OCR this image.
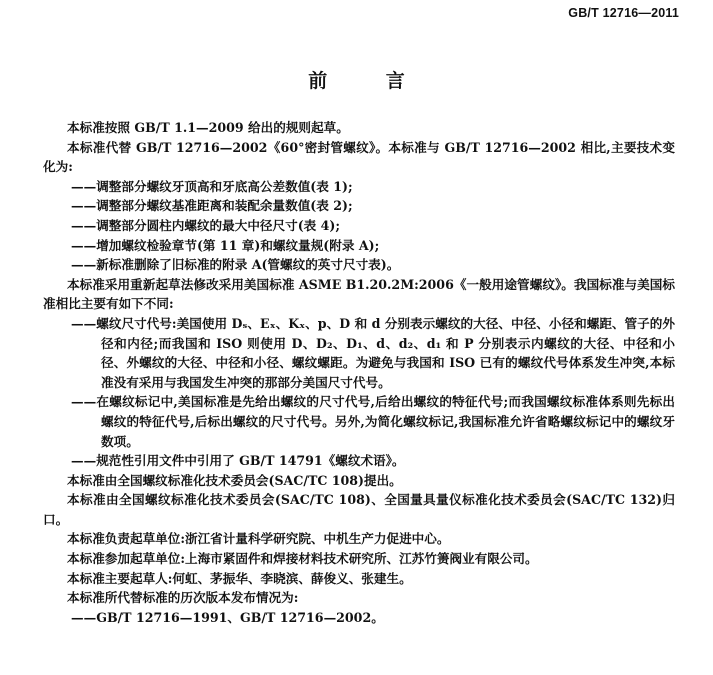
GB/T 12716—2011
前 言

本标准按照 GB/T 1.1—2009 给出的规则起草。

本标准代替 GB/T 12716—2002《60°密封管螺纹》。本标准与 GB/T 12716—2002 相比,主要技术变化为:

——调整部分螺纹牙顶高和牙底高公差数值(表 1);

——调整部分螺纹基准距离和装配余量数值(表 2);

——调整部分圆柱内螺纹的最大中径尺寸(表 4);

——增加螺纹检验章节(第 11 章)和螺纹量规(附录 A);

——新标准删除了旧标准的附录 A(管螺纹的英寸尺寸表)。

本标准采用重新起草法修改采用美国标准 ASME B1.20.2M:2006《一般用途管螺纹》。我国标准与美国标准相比主要有如下不同:

——螺纹尺寸代号:美国使用 Dₛ、Eₓ、Kₓ、p、D 和 d 分别表示螺纹的大径、中径、小径和螺距、管子的外径和内径;而我国和 ISO 则使用 D、D₂、D₁、d、d₂、d₁ 和 P 分别表示内螺纹的大径、中径和小径、外螺纹的大径、中径和小径、螺纹螺距。为避免与我国和 ISO 已有的螺纹代号体系发生冲突,本标准没有采用与我国发生冲突的那部分美国尺寸代号。

——在螺纹标记中,美国标准是先给出螺纹的尺寸代号,后给出螺纹的特征代号;而我国螺纹标准体系则先标出螺纹的特征代号,后标出螺纹的尺寸代号。另外,为简化螺纹标记,我国标准允许省略螺纹标记中的螺纹牙数项。

——规范性引用文件中引用了 GB/T 14791《螺纹术语》。

本标准由全国螺纹标准化技术委员会(SAC/TC 108)提出。

本标准由全国螺纹标准化技术委员会(SAC/TC 108)、全国量具量仪标准化技术委员会(SAC/TC 132)归口。

本标准负责起草单位:浙江省计量科学研究院、中机生产力促进中心。

本标准参加起草单位:上海市紧固件和焊接材料技术研究所、江苏竹箦阀业有限公司。

本标准主要起草人:何虹、茅振华、李晓滨、薛俊义、张建生。

本标准所代替标准的历次版本发布情况为:

——GB/T 12716—1991、GB/T 12716—2002。
